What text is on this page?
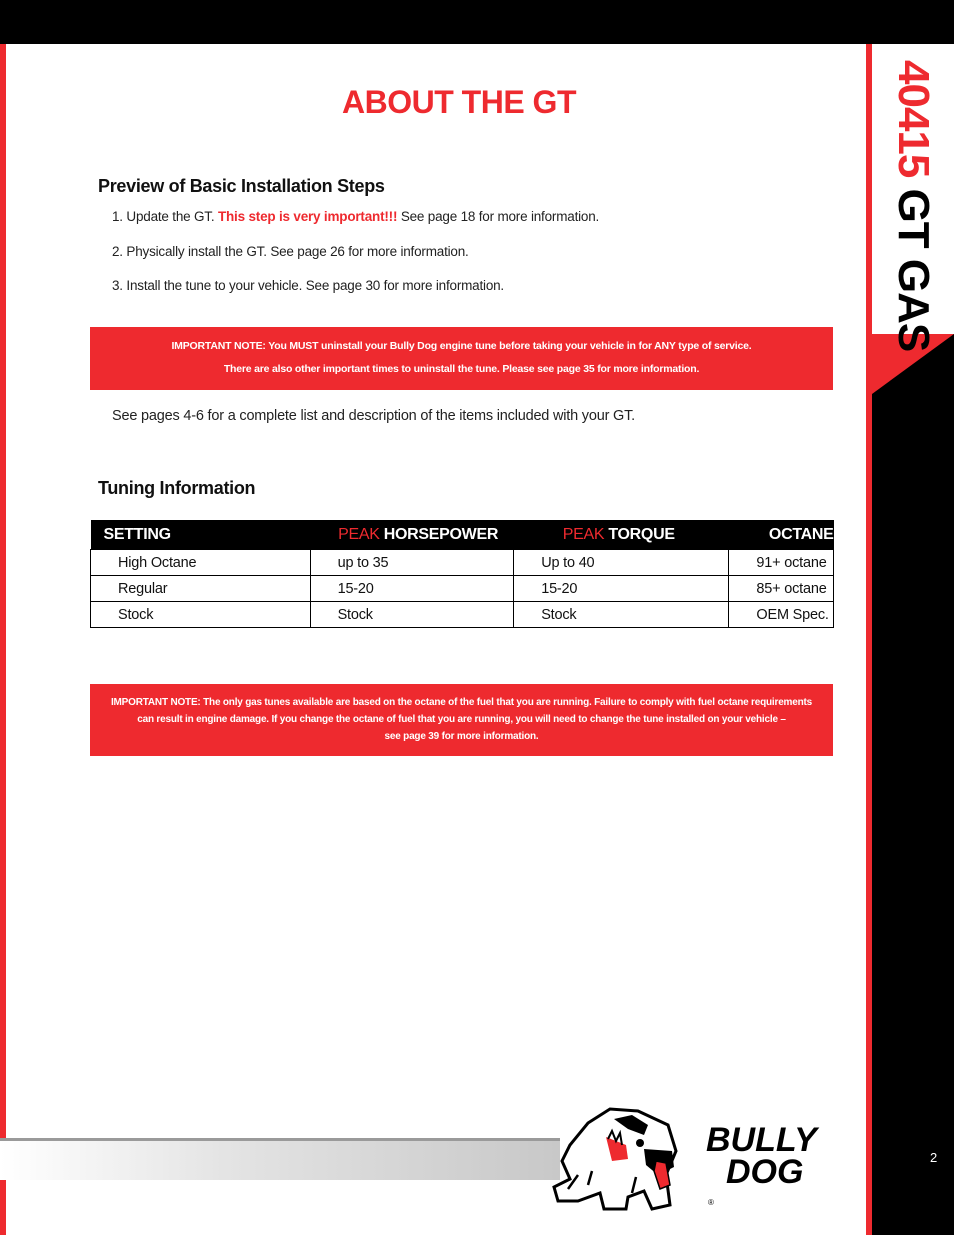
40415 GT GAS
2
ABOUT THE GT
Preview of Basic Installation Steps
1. Update the GT. This step is very important!!! See page 18 for more information.
2. Physically install the GT. See page 26 for more information.
3. Install the tune to your vehicle. See page 30 for more information.
IMPORTANT NOTE: You MUST uninstall your Bully Dog engine tune before taking your vehicle in for ANY type of service.
There are also other important times to uninstall the tune. Please see page 35 for more information.
See pages 4-6 for a complete list and description of the items included with your GT.
Tuning Information
SETTING	PEAK HORSEPOWER	PEAK TORQUE	OCTANE
High Octane	up to 35	Up to 40	91+ octane
Regular	15-20	15-20	85+ octane
Stock	Stock	Stock	OEM Spec.
IMPORTANT NOTE: The only gas tunes available are based on the octane of the fuel that you are running. Failure to comply with fuel octane requirements
can result in engine damage. If you change the octane of fuel that you are running, you will need to change the tune installed on your vehicle –
see page 39 for more information.
BULLY
DOG
®
